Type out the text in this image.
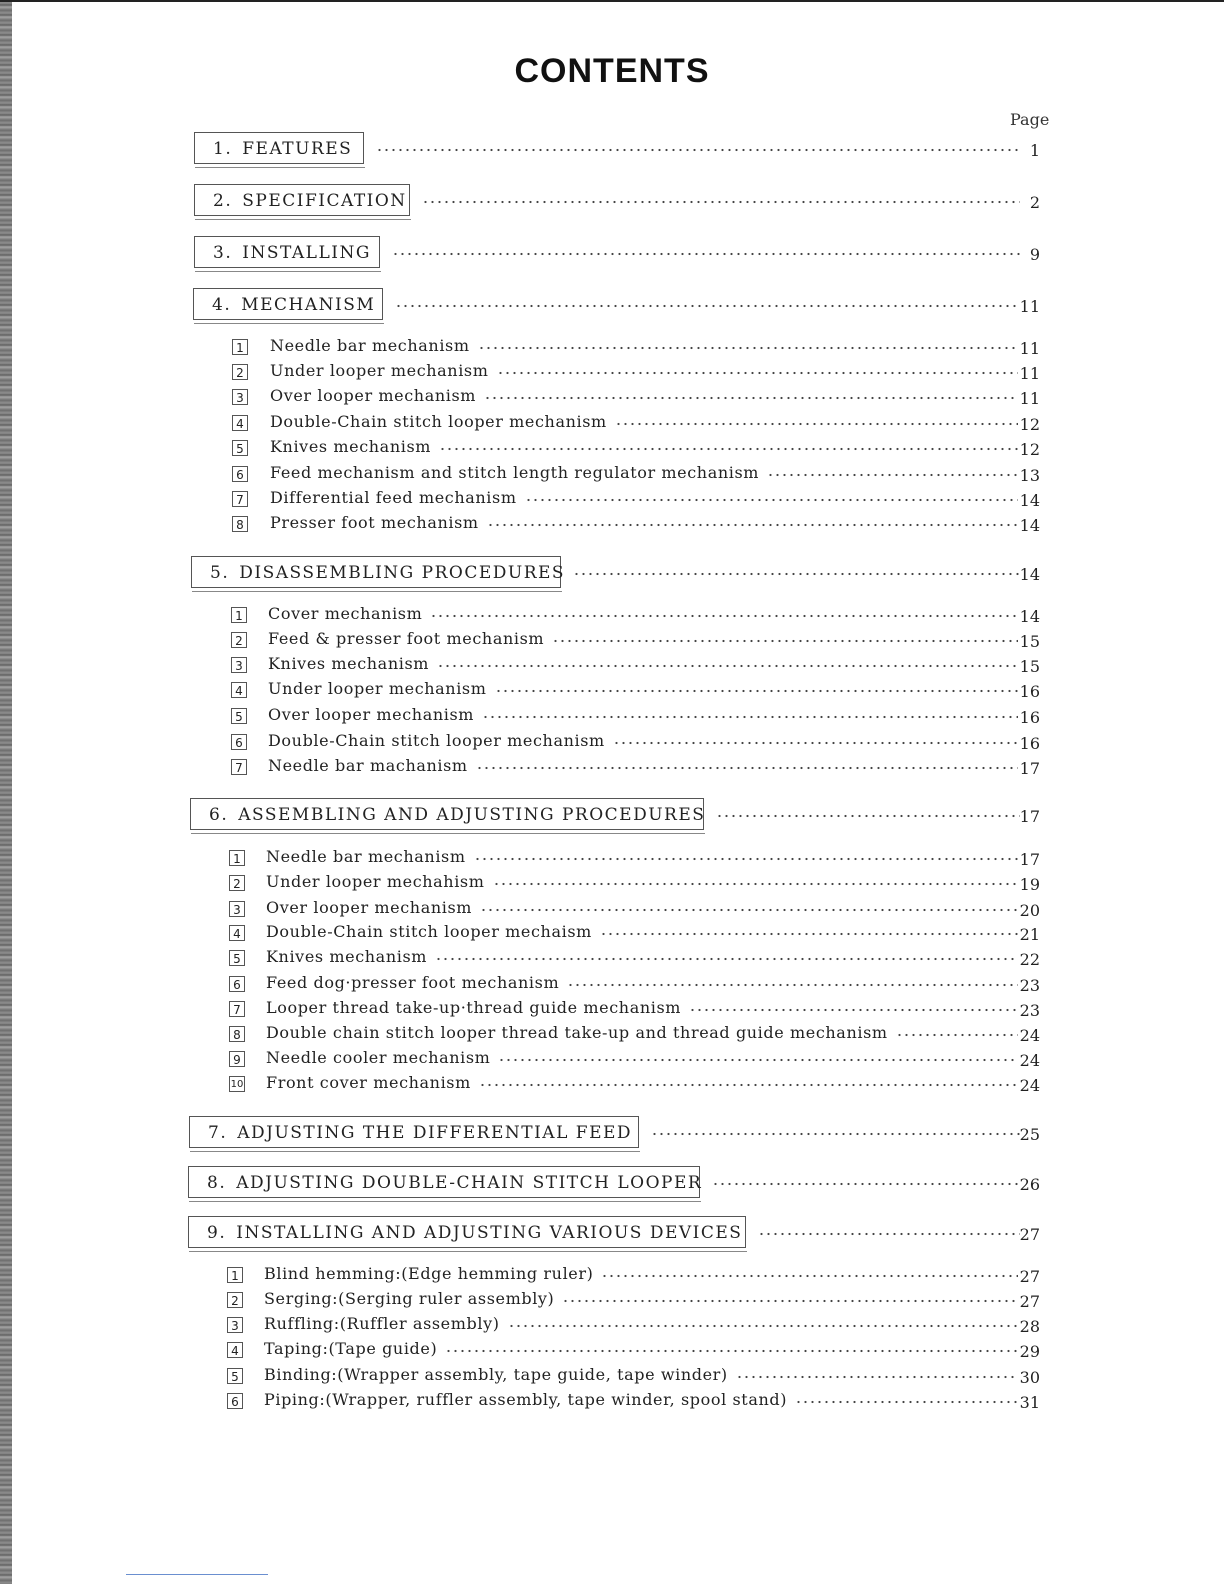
CONTENTS
Page
1. FEATURES	1
2. SPECIFICATION	2
3. INSTALLING	9
4. MECHANISM	11
1 Needle bar mechanism	11
2 Under looper mechanism	11
3 Over looper mechanism	11
4 Double-Chain stitch looper mechanism	12
5 Knives mechanism	12
6 Feed mechanism and stitch length regulator mechanism	13
7 Differential feed mechanism	14
8 Presser foot mechanism	14
5. DISASSEMBLING PROCEDURES	14
1 Cover mechanism	14
2 Feed & presser foot mechanism	15
3 Knives mechanism	15
4 Under looper mechanism	16
5 Over looper mechanism	16
6 Double-Chain stitch looper mechanism	16
7 Needle bar machanism	17
6. ASSEMBLING AND ADJUSTING PROCEDURES	17
1 Needle bar mechanism	17
2 Under looper mechahism	19
3 Over looper mechanism	20
4 Double-Chain stitch looper mechaism	21
5 Knives mechanism	22
6 Feed dog·presser foot mechanism	23
7 Looper thread take-up·thread guide mechanism	23
8 Double chain stitch looper thread take-up and thread guide mechanism	24
9 Needle cooler mechanism	24
10 Front cover mechanism	24
7. ADJUSTING THE DIFFERENTIAL FEED	25
8. ADJUSTING DOUBLE-CHAIN STITCH LOOPER	26
9. INSTALLING AND ADJUSTING VARIOUS DEVICES	27
1 Blind hemming:(Edge hemming ruler)	27
2 Serging:(Serging ruler assembly)	27
3 Ruffling:(Ruffler assembly)	28
4 Taping:(Tape guide)	29
5 Binding:(Wrapper assembly, tape guide, tape winder)	30
6 Piping:(Wrapper, ruffler assembly, tape winder, spool stand)	31
